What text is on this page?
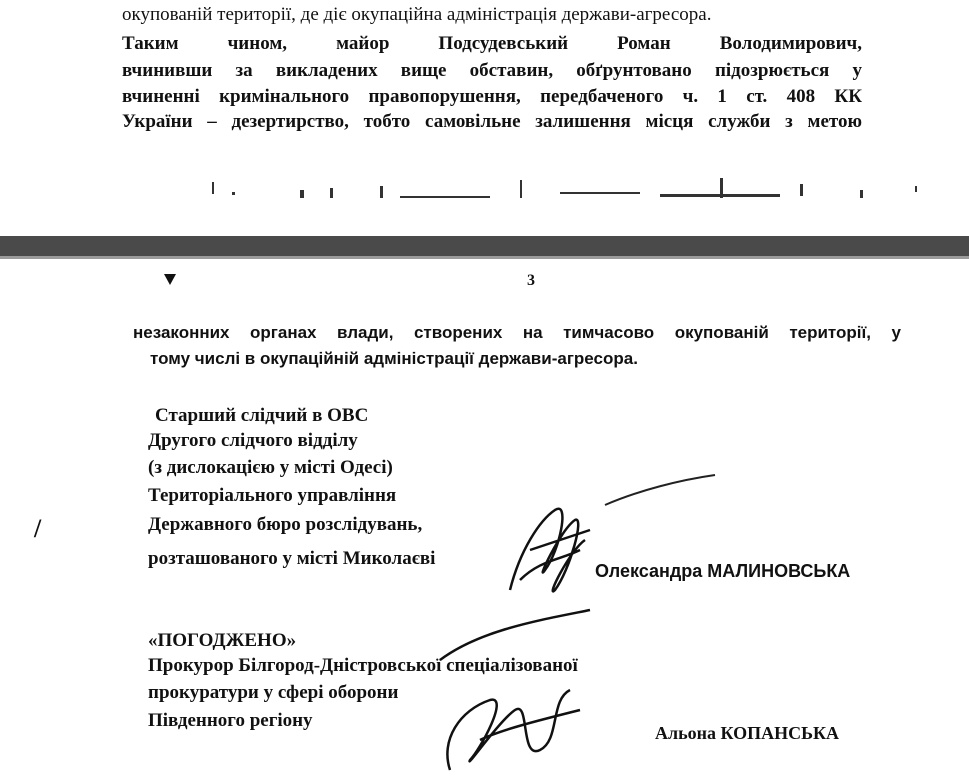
окупованій території, де діє окупаційна адміністрація держави-агресора.
Таким чином, майор Подсудевський Роман Володимирович,
вчинивши за викладених вище обставин, обґрунтовано підозрюється у
вчиненні кримінального правопорушення, передбаченого ч. 1 ст. 408 КК
України – дезертирство, тобто самовільне залишення місця служби з метою
3
незаконних органах влади, створених на тимчасово окупованій території, у
тому числі в окупаційній адміністрації держави-агресора.
Старший слідчий в ОВС
Другого слідчого відділу
(з дислокацією у місті Одесі)
Територіального управління
Державного бюро розслідувань,
розташованого у місті Миколаєві
Олександра МАЛИНОВСЬКА
/
«ПОГОДЖЕНО»
Прокурор Білгород-Дністровської спеціалізованої
прокуратури у сфері оборони
Південного регіону
Альона КОПАНСЬКА
